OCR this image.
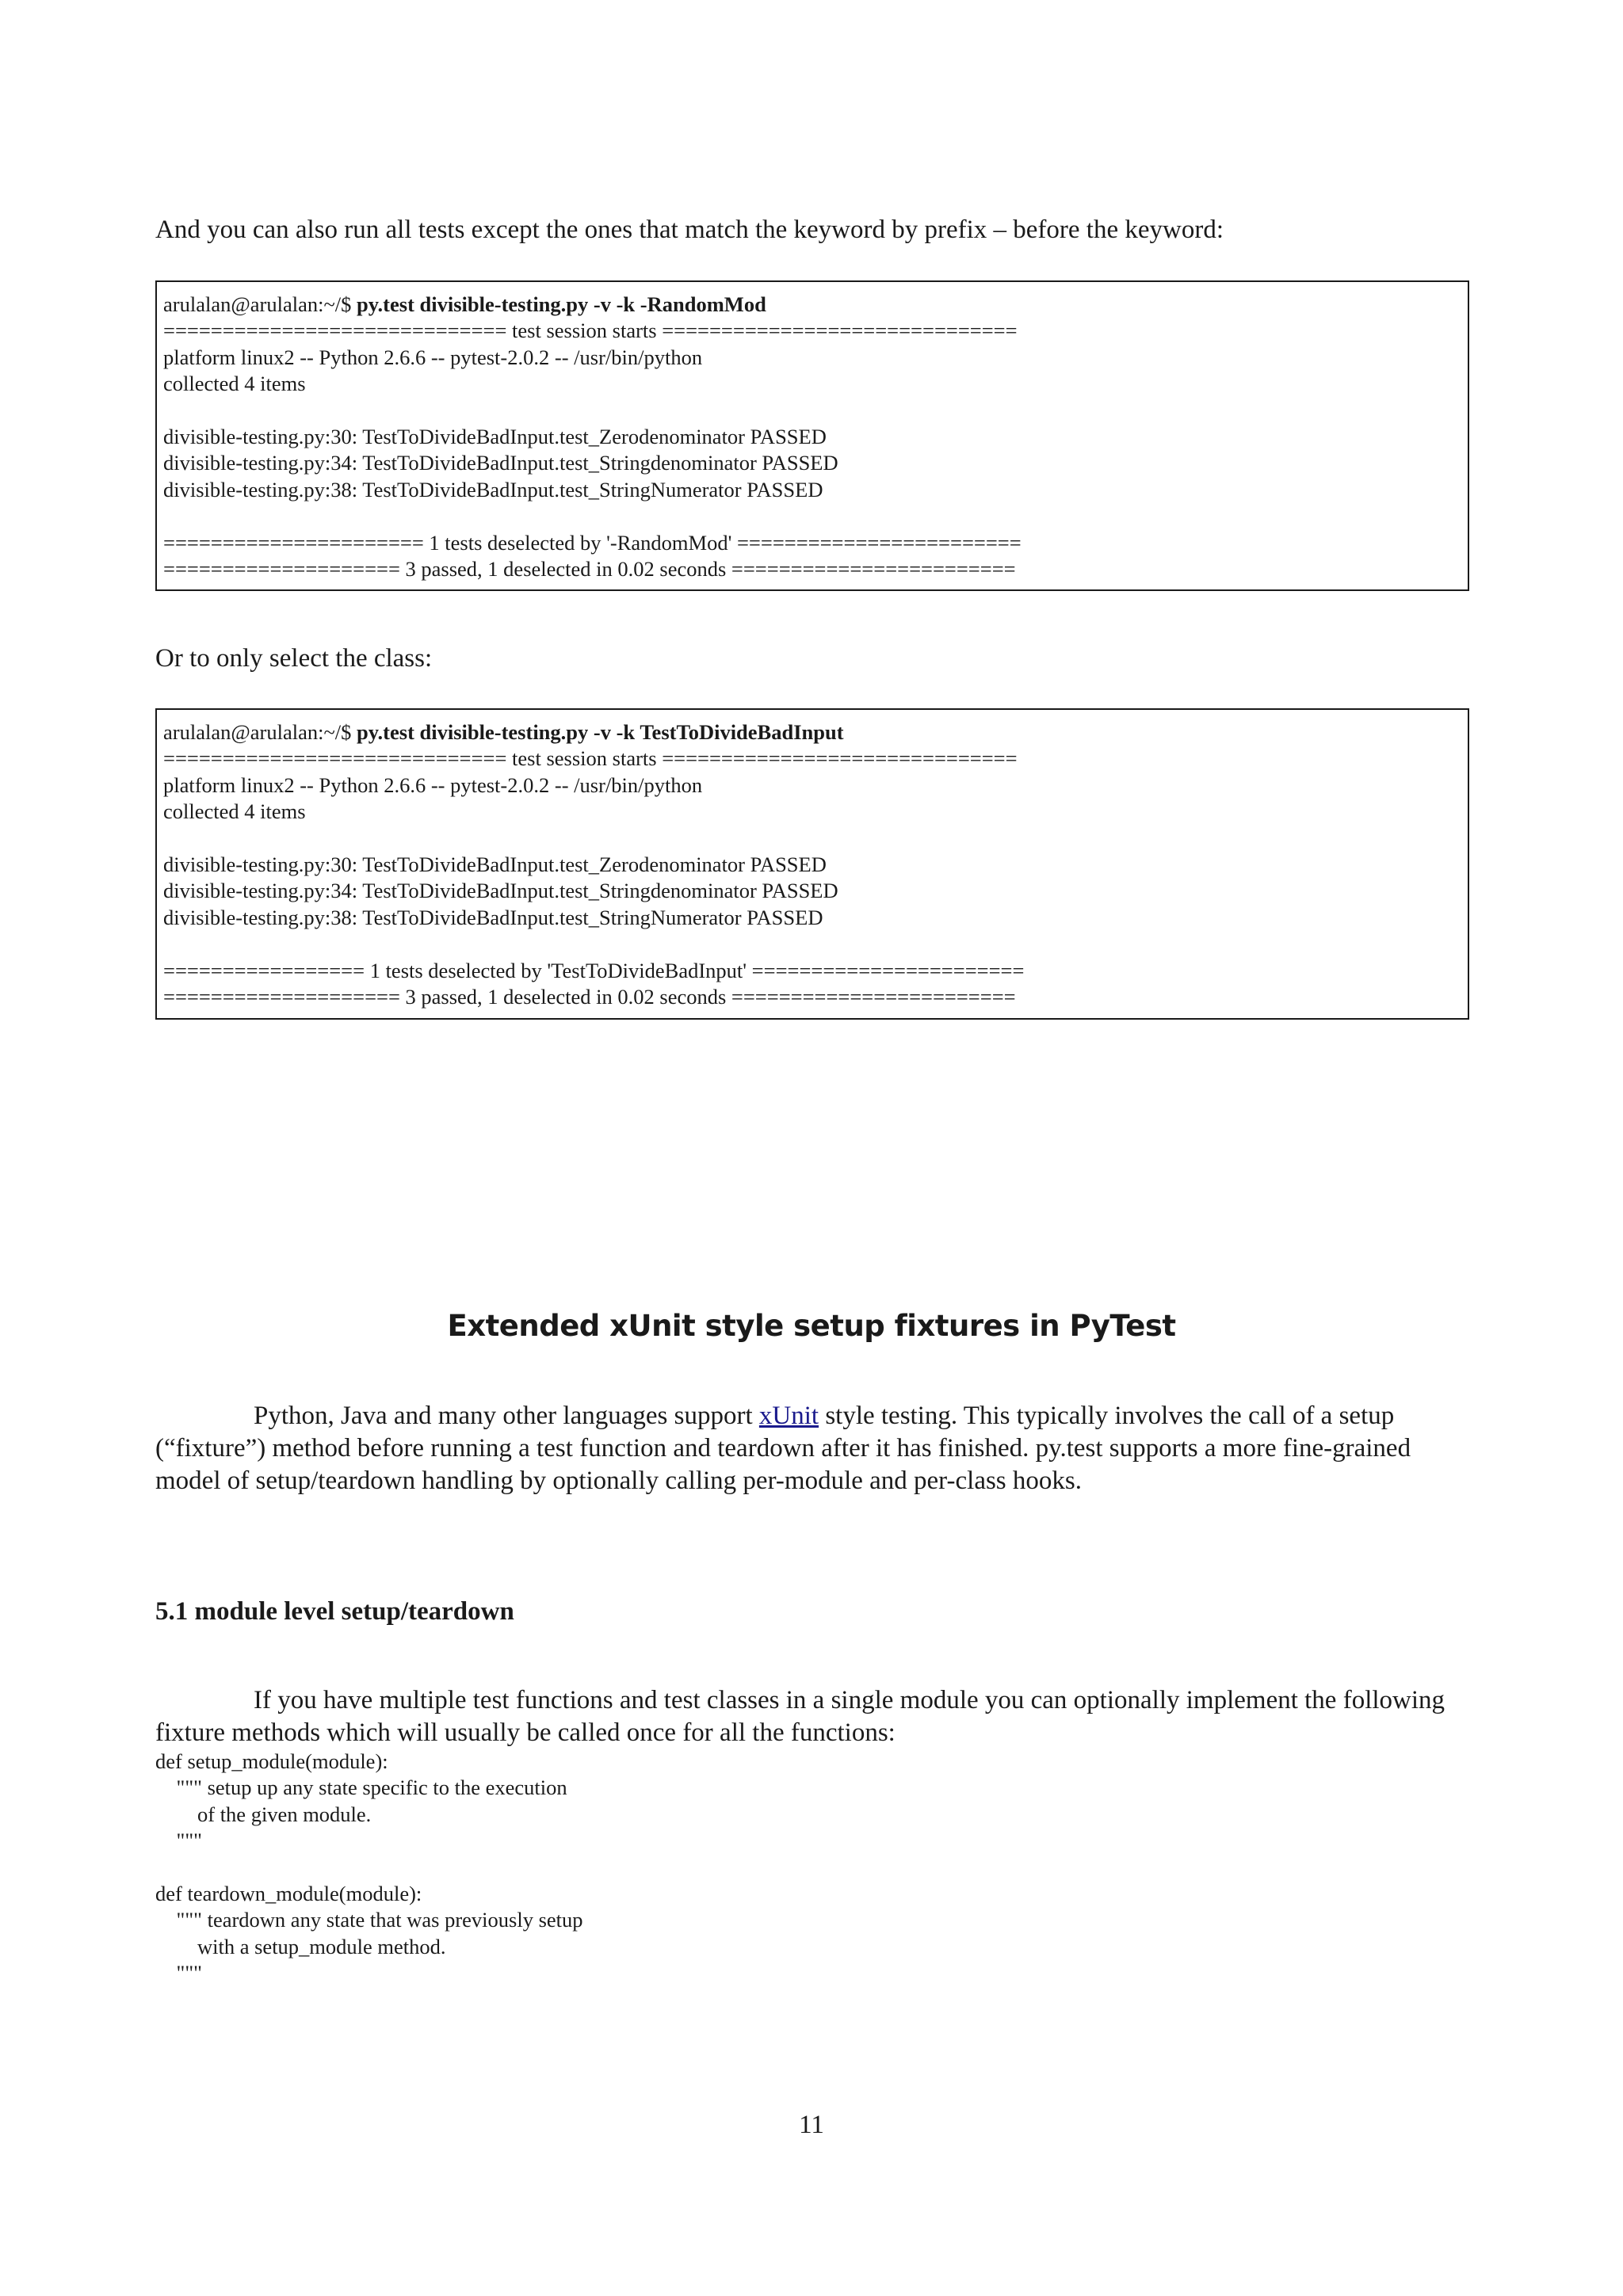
And you can also run all tests except the ones that match the keyword by prefix – before the keyword:

arulalan@arulalan:~/$ py.test divisible-testing.py -v -k -RandomMod
============================= test session starts ==============================
platform linux2 -- Python 2.6.6 -- pytest-2.0.2 -- /usr/bin/python
collected 4 items
divisible-testing.py:30: TestToDivideBadInput.test_Zerodenominator PASSED
divisible-testing.py:34: TestToDivideBadInput.test_Stringdenominator PASSED
divisible-testing.py:38: TestToDivideBadInput.test_StringNumerator PASSED
====================== 1 tests deselected by '-RandomMod' ========================
==================== 3 passed, 1 deselected in 0.02 seconds ========================

Or to only select the class:

arulalan@arulalan:~/$ py.test divisible-testing.py -v -k TestToDivideBadInput
============================= test session starts ==============================
platform linux2 -- Python 2.6.6 -- pytest-2.0.2 -- /usr/bin/python
collected 4 items
divisible-testing.py:30: TestToDivideBadInput.test_Zerodenominator PASSED
divisible-testing.py:34: TestToDivideBadInput.test_Stringdenominator PASSED
divisible-testing.py:38: TestToDivideBadInput.test_StringNumerator PASSED
================= 1 tests deselected by 'TestToDivideBadInput' =======================
==================== 3 passed, 1 deselected in 0.02 seconds ========================
Extended xUnit style setup fixtures in PyTest

Python, Java and many other languages support xUnit style testing. This typically involves the call of a setup (“fixture”) method before running a test function and teardown after it has finished. py.test supports a more fine-grained model of setup/teardown handling by optionally calling per-module and per-class hooks.

5.1 module level setup/teardown

If you have multiple test functions and test classes in a single module you can optionally implement the following fixture methods which will usually be called once for all the functions:

def setup_module(module):
""" setup up any state specific to the execution
of the given module.
"""
def teardown_module(module):
""" teardown any state that was previously setup
with a setup_module method.
"""
11
